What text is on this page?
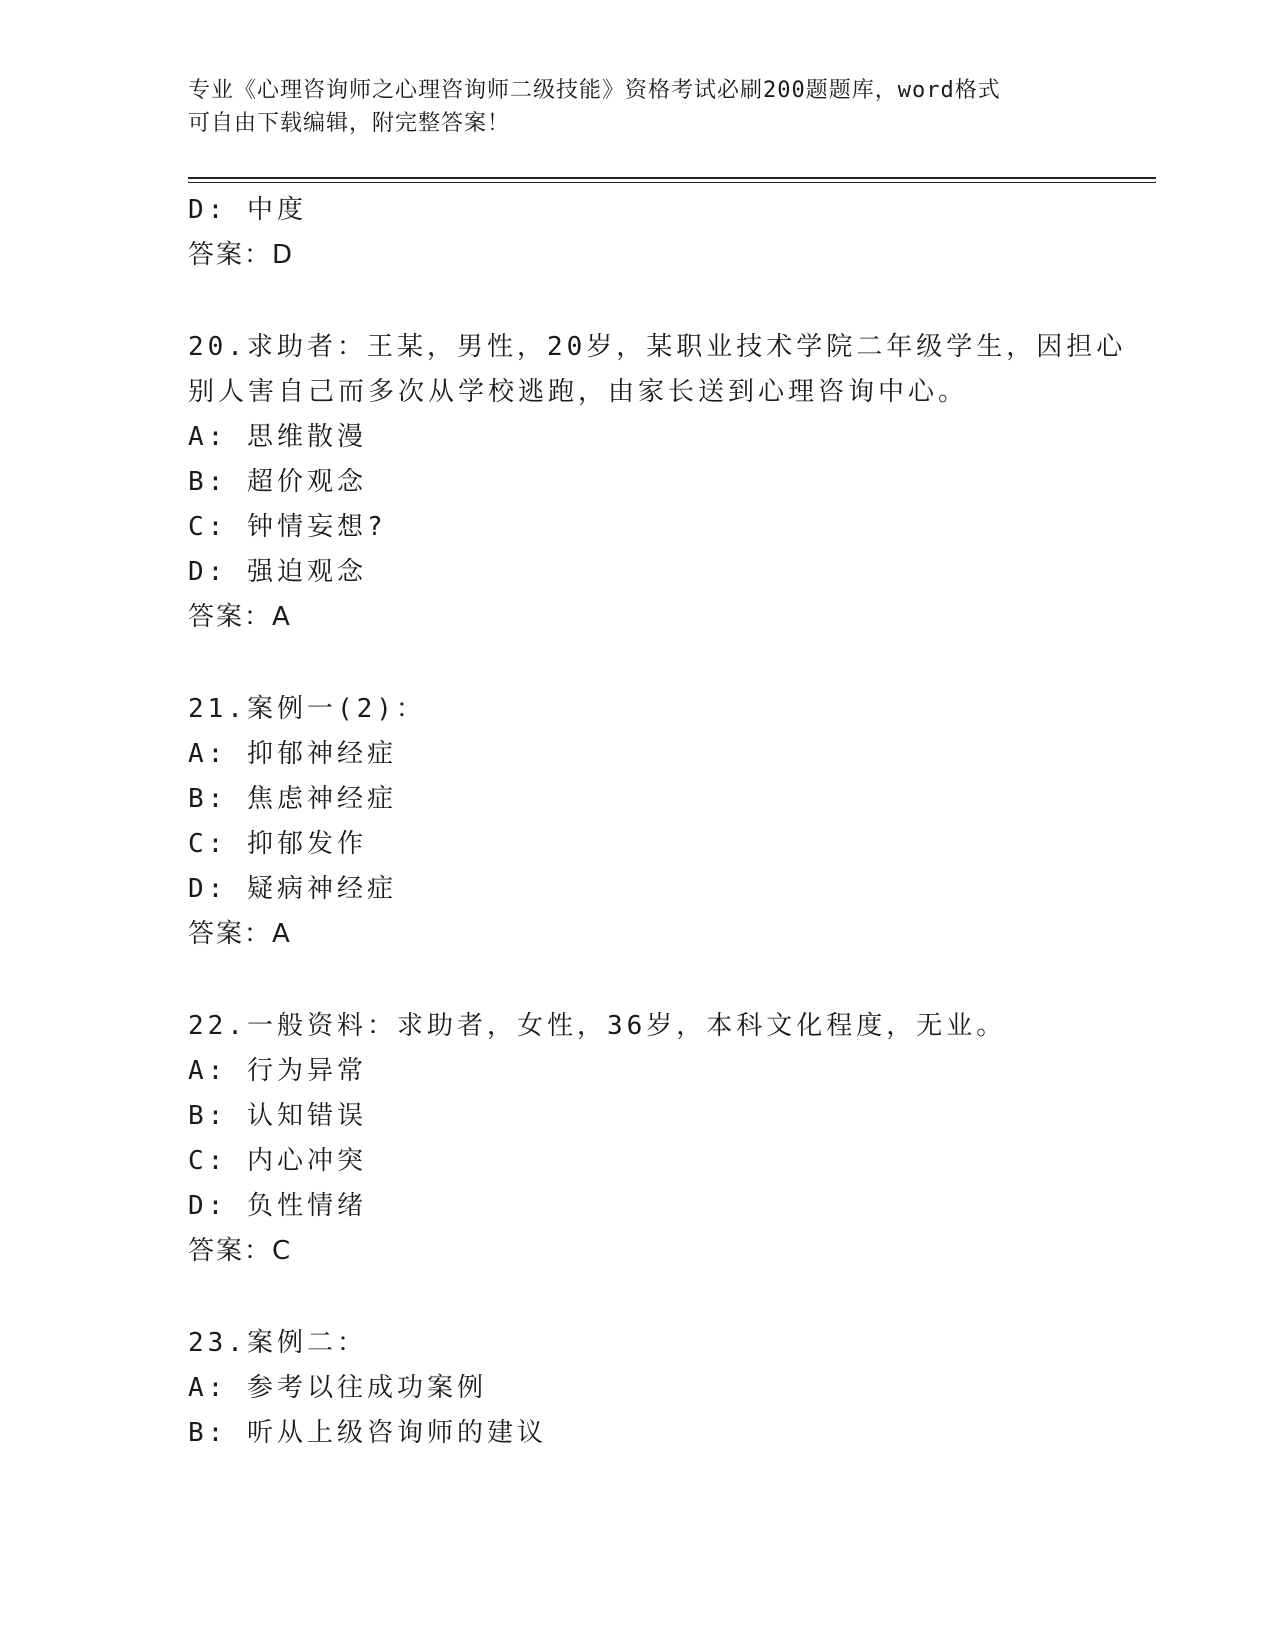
专业《心理咨询师之心理咨询师二级技能》资格考试必刷200题题库，word格式
可自由下载编辑，附完整答案！
D: 中度
答案：D
20.求助者：王某，男性，20岁，某职业技术学院二年级学生，因担心
别人害自己而多次从学校逃跑，由家长送到心理咨询中心。
A: 思维散漫
B: 超价观念
C: 钟情妄想?
D: 强迫观念
答案：A
21.案例一(2)：
A: 抑郁神经症
B: 焦虑神经症
C: 抑郁发作
D: 疑病神经症
答案：A
22.一般资料：求助者，女性，36岁，本科文化程度，无业。
A: 行为异常
B: 认知错误
C: 内心冲突
D: 负性情绪
答案：C
23.案例二：
A: 参考以往成功案例
B: 听从上级咨询师的建议
